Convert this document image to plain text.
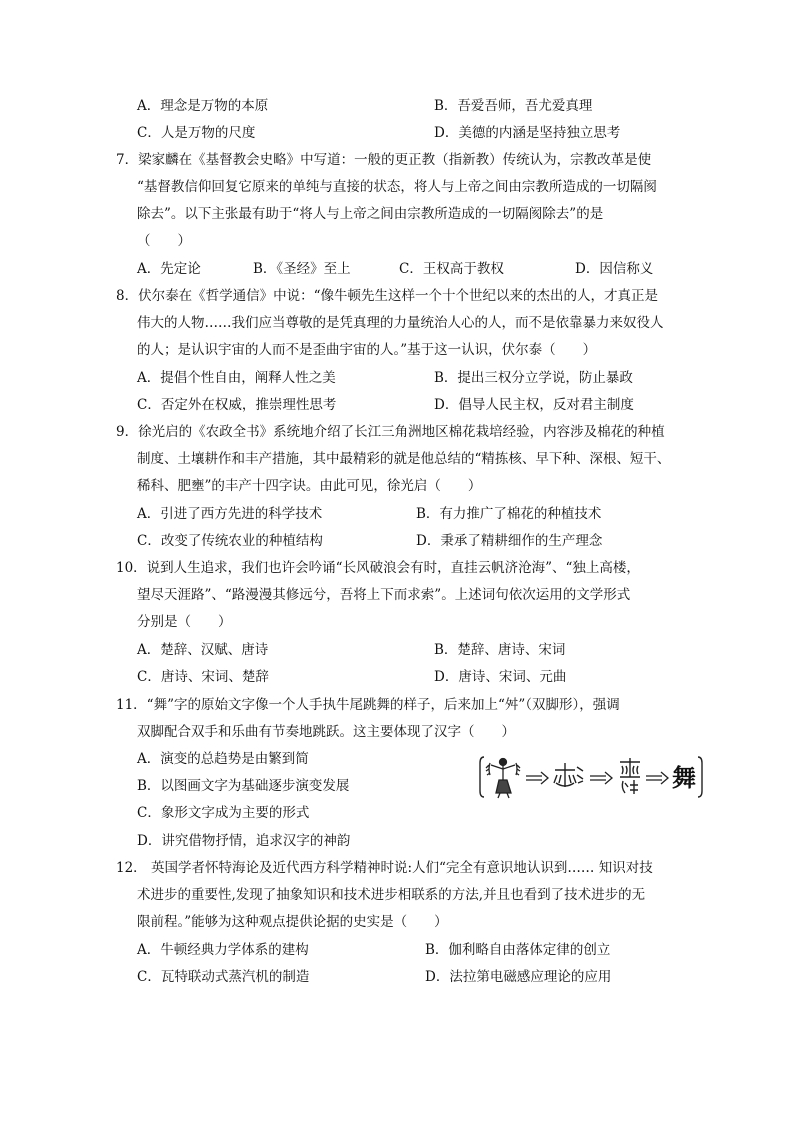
A．理念是万物的本原	B．吾爱吾师，吾尤爱真理
C．人是万物的尺度	D．美德的内涵是坚持独立思考
7．梁家麟在《基督教会史略》中写道：一般的更正教（指新教）传统认为，宗教改革是使
“基督教信仰回复它原来的单纯与直接的状态，将人与上帝之间由宗教所造成的一切隔阂
除去”。以下主张最有助于“将人与上帝之间由宗教所造成的一切隔阂除去”的是
（　　）
A．先定论	B．《圣经》至上	C．王权高于教权	D．因信称义
8．伏尔泰在《哲学通信》中说：“像牛顿先生这样一个十个世纪以来的杰出的人，才真正是
伟大的人物……我们应当尊敬的是凭真理的力量统治人心的人，而不是依靠暴力来奴役人
的人；是认识宇宙的人而不是歪曲宇宙的人。”基于这一认识，伏尔泰（　　）
A．提倡个性自由，阐释人性之美	B．提出三权分立学说，防止暴政
C．否定外在权威，推崇理性思考	D．倡导人民主权，反对君主制度
9．徐光启的《农政全书》系统地介绍了长江三角洲地区棉花栽培经验，内容涉及棉花的种植
制度、土壤耕作和丰产措施，其中最精彩的就是他总结的“精拣核、早下种、深根、短干、
稀科、肥壅”的丰产十四字诀。由此可见，徐光启（　　）
A．引进了西方先进的科学技术	B．有力推广了棉花的种植技术
C．改变了传统农业的种植结构	D．秉承了精耕细作的生产理念
10．说到人生追求，我们也许会吟诵“长风破浪会有时，直挂云帆济沧海”、“独上高楼，
望尽天涯路”、“路漫漫其修远兮，吾将上下而求索”。上述词句依次运用的文学形式
分别是（　　）
A．楚辞、汉赋、唐诗	B．楚辞、唐诗、宋词
C．唐诗、宋词、楚辞	D．唐诗、宋词、元曲
11．“舞”字的原始文字像一个人手执牛尾跳舞的样子，后来加上“舛”（双脚形），强调
双脚配合双手和乐曲有节奏地跳跃。这主要体现了汉字（　　）
A．演变的总趋势是由繁到简
B．以图画文字为基础逐步演变发展
C．象形文字成为主要的形式
D．讲究借物抒情，追求汉字的神韵
舞
12． 英国学者怀特海论及近代西方科学精神时说:人们“完全有意识地认识到…… 知识对技
术进步的重要性,发现了抽象知识和技术进步相联系的方法,并且也看到了技术进步的无
限前程。”能够为这种观点提供论据的史实是（　　）
A．牛顿经典力学体系的建构	B．伽利略自由落体定律的创立
C．瓦特联动式蒸汽机的制造	D．法拉第电磁感应理论的应用
